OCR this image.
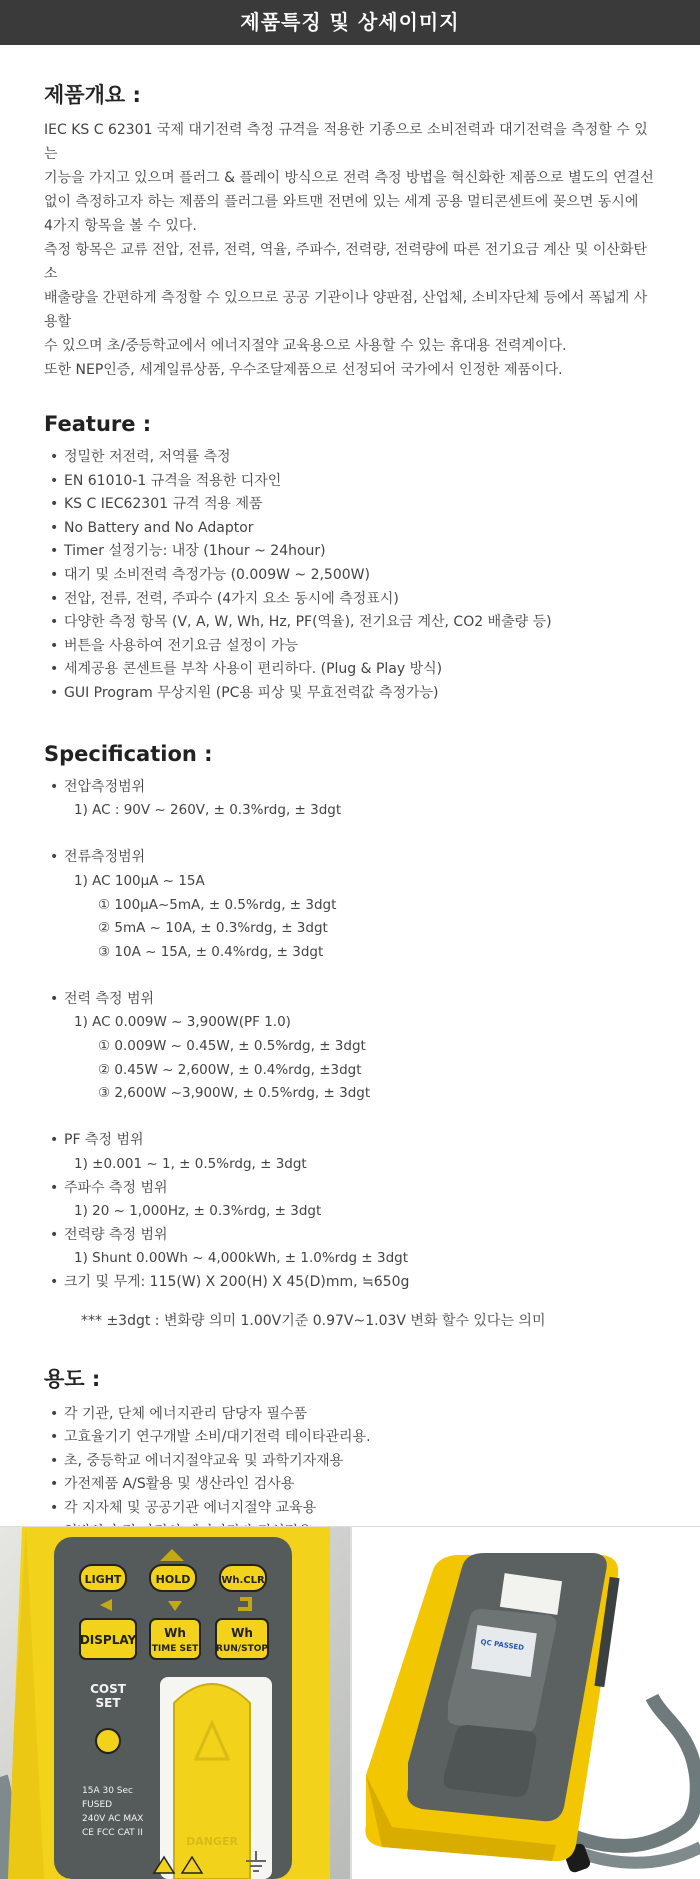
제품특징 및 상세이미지
제품개요 :

IEC KS C 62301 국제 대기전력 측정 규격을 적용한 기종으로 소비전력과 대기전력을 측정할 수 있는

기능을 가지고 있으며 플러그 & 플레이 방식으로 전력 측정 방법을 혁신화한 제품으로 별도의 연결선

없이 측정하고자 하는 제품의 플러그를 와트맨 전면에 있는 세계 공용 멀티콘센트에 꽂으면 동시에

4가지 항목을 볼 수 있다.

측정 항목은 교류 전압, 전류, 전력, 역율, 주파수, 전력량, 전력량에 따른 전기요금 계산 및 이산화탄소

배출량을 간편하게 측정할 수 있으므로 공공 기관이나 양판점, 산업체, 소비자단체 등에서 폭넓게 사용할

수 있으며 초/중등학교에서 에너지절약 교육용으로 사용할 수 있는 휴대용 전력계이다.

또한 NEP인증, 세계일류상품, 우수조달제품으로 선정되어 국가에서 인정한 제품이다.

Feature :
• 정밀한 저전력, 저역률 측정
• EN 61010-1 규격을 적용한 디자인
• KS C IEC62301 규격 적용 제품
• No Battery and No Adaptor
• Timer 설정기능: 내장 (1hour ~ 24hour)
• 대기 및 소비전력 측정가능 (0.009W ~ 2,500W)
• 전압, 전류, 전력, 주파수 (4가지 요소 동시에 측정표시)
• 다양한 측정 항목 (V, A, W, Wh, Hz, PF(역율), 전기요금 계산, CO2 배출량 등)
• 버튼을 사용하여 전기요금 설정이 가능
• 세계공용 콘센트를 부착 사용이 편리하다. (Plug & Play 방식)
• GUI Program 무상지원 (PC용 피상 및 무효전력값 측정가능)
Specification :
• 전압측정범위
1) AC : 90V ~ 260V, ± 0.3%rdg, ± 3dgt
• 전류측정범위
1) AC 100μA ~ 15A
① 100μA~5mA, ± 0.5%rdg, ± 3dgt
② 5mA ~ 10A, ± 0.3%rdg, ± 3dgt
③ 10A ~ 15A, ± 0.4%rdg, ± 3dgt
• 전력 측정 범위
1) AC 0.009W ~ 3,900W(PF 1.0)
① 0.009W ~ 0.45W, ± 0.5%rdg, ± 3dgt
② 0.45W ~ 2,600W, ± 0.4%rdg, ±3dgt
③ 2,600W ~3,900W, ± 0.5%rdg, ± 3dgt
• PF 측정 범위
1) ±0.001 ~ 1, ± 0.5%rdg, ± 3dgt
• 주파수 측정 범위
1) 20 ~ 1,000Hz, ± 0.3%rdg, ± 3dgt
• 전력량 측정 범위
1) Shunt 0.00Wh ~ 4,000kWh, ± 1.0%rdg ± 3dgt
• 크기 및 무게: 115(W) X 200(H) X 45(D)mm, ≒650g
*** ±3dgt : 변화량 의미 1.00V기준 0.97V~1.03V 변화 할수 있다는 의미
용도 :
• 각 기관, 단체 에너지관리 담당자 필수품
• 고효율기기 연구개발 소비/대기전력 테이타관리용.
• 초, 중등학교 에너지절약교육 및 과학기자재용
• 가전제품 A/S활용 및 생산라인 검사용
• 각 지자체 및 공공기관 에너지절약 교육용
•
•
LIGHT	HOLD	Wh.CLR
DISPLAY Wh
TIME SET
Wh
RUN/STOP
COST
SET
15A 30 Sec
FUSED
240V AC MAX
CE FCC CAT II
DANGER
QC PASSED
